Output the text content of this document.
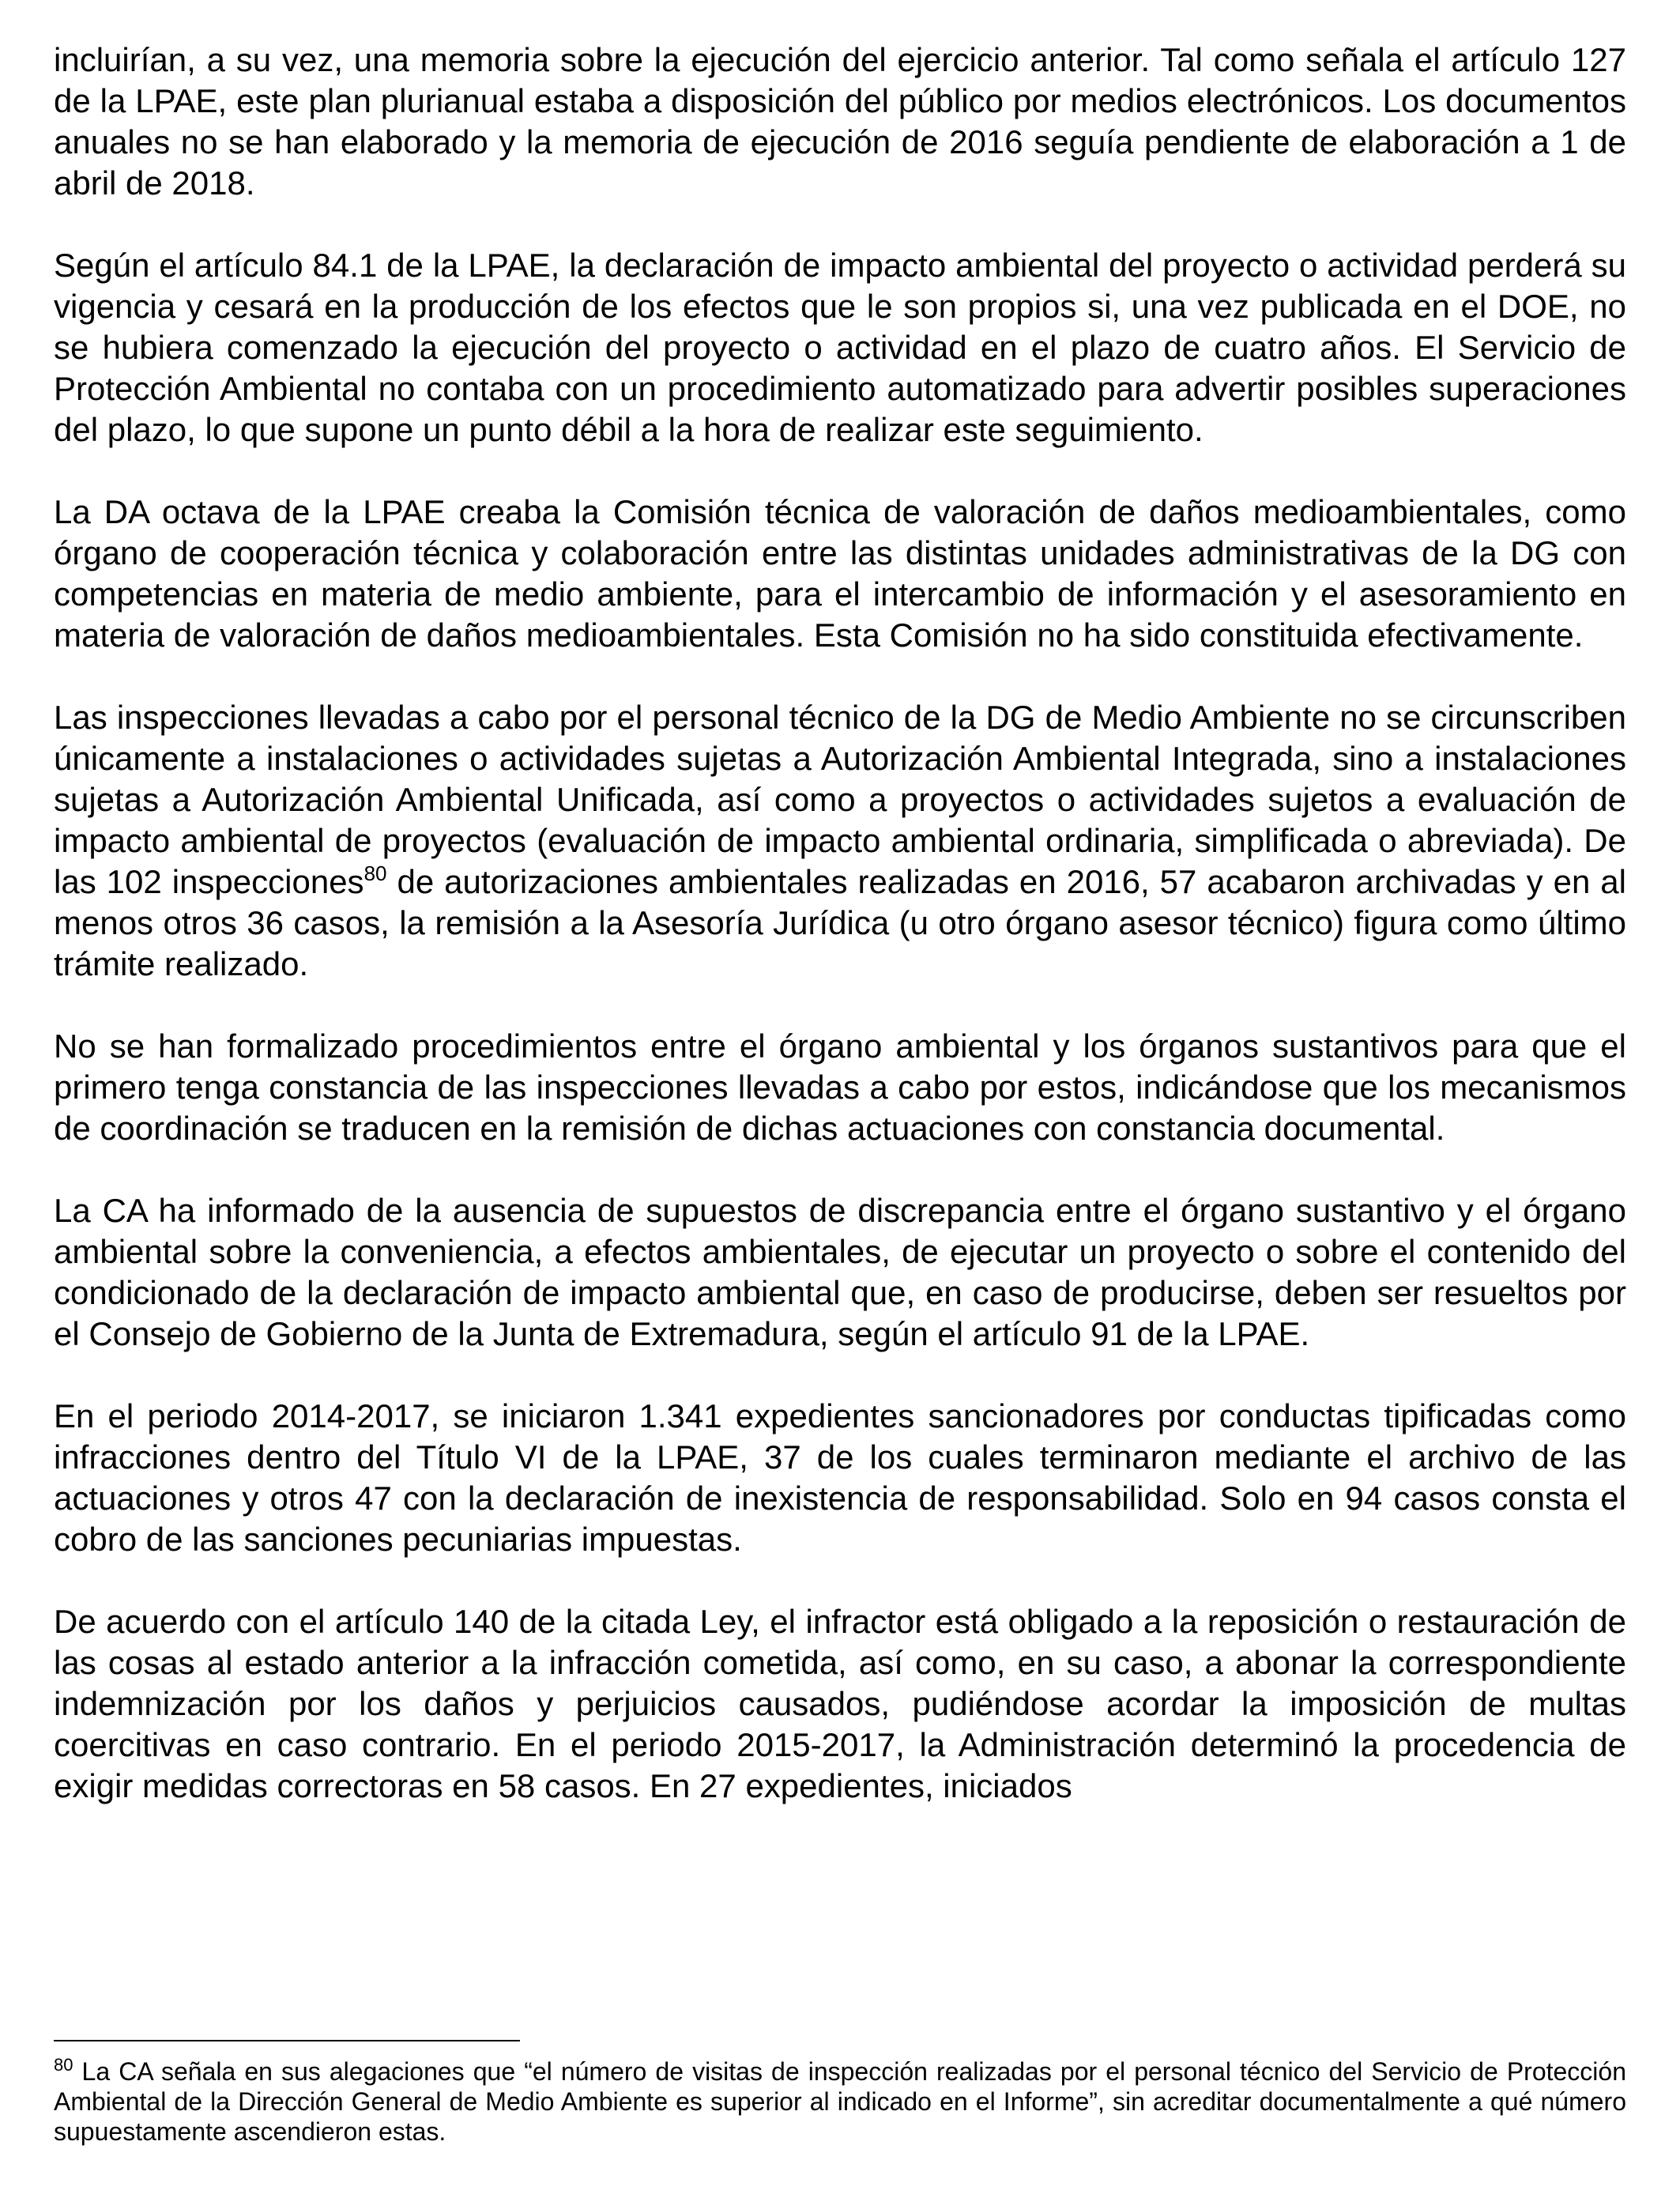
incluirían, a su vez, una memoria sobre la ejecución del ejercicio anterior. Tal como señala el artículo 127 de la LPAE, este plan plurianual estaba a disposición del público por medios electrónicos. Los documentos anuales no se han elaborado y la memoria de ejecución de 2016 seguía pendiente de elaboración a 1 de abril de 2018.

Según el artículo 84.1 de la LPAE, la declaración de impacto ambiental del proyecto o actividad perderá su vigencia y cesará en la producción de los efectos que le son propios si, una vez publicada en el DOE, no se hubiera comenzado la ejecución del proyecto o actividad en el plazo de cuatro años. El Servicio de Protección Ambiental no contaba con un procedimiento automatizado para advertir posibles superaciones del plazo, lo que supone un punto débil a la hora de realizar este seguimiento.

La DA octava de la LPAE creaba la Comisión técnica de valoración de daños medioambientales, como órgano de cooperación técnica y colaboración entre las distintas unidades administrativas de la DG con competencias en materia de medio ambiente, para el intercambio de información y el asesoramiento en materia de valoración de daños medioambientales. Esta Comisión no ha sido constituida efectivamente.

Las inspecciones llevadas a cabo por el personal técnico de la DG de Medio Ambiente no se circunscriben únicamente a instalaciones o actividades sujetas a Autorización Ambiental Integrada, sino a instalaciones sujetas a Autorización Ambiental Unificada, así como a proyectos o actividades sujetos a evaluación de impacto ambiental de proyectos (evaluación de impacto ambiental ordinaria, simplificada o abreviada). De las 102 inspecciones$^{80}$ de autorizaciones ambientales realizadas en 2016, 57 acabaron archivadas y en al menos otros 36 casos, la remisión a la Asesoría Jurídica (u otro órgano asesor técnico) figura como último trámite realizado.

No se han formalizado procedimientos entre el órgano ambiental y los órganos sustantivos para que el primero tenga constancia de las inspecciones llevadas a cabo por estos, indicándose que los mecanismos de coordinación se traducen en la remisión de dichas actuaciones con constancia documental.

La CA ha informado de la ausencia de supuestos de discrepancia entre el órgano sustantivo y el órgano ambiental sobre la conveniencia, a efectos ambientales, de ejecutar un proyecto o sobre el contenido del condicionado de la declaración de impacto ambiental que, en caso de producirse, deben ser resueltos por el Consejo de Gobierno de la Junta de Extremadura, según el artículo 91 de la LPAE.

En el periodo 2014-2017, se iniciaron 1.341 expedientes sancionadores por conductas tipificadas como infracciones dentro del Título VI de la LPAE, 37 de los cuales terminaron mediante el archivo de las actuaciones y otros 47 con la declaración de inexistencia de responsabilidad. Solo en 94 casos consta el cobro de las sanciones pecuniarias impuestas.

De acuerdo con el artículo 140 de la citada Ley, el infractor está obligado a la reposición o restauración de las cosas al estado anterior a la infracción cometida, así como, en su caso, a abonar la correspondiente indemnización por los daños y perjuicios causados, pudiéndose acordar la imposición de multas coercitivas en caso contrario. En el periodo 2015-2017, la Administración determinó la procedencia de exigir medidas correctoras en 58 casos. En 27 expedientes, iniciados

$^{80}$ La CA señala en sus alegaciones que “el número de visitas de inspección realizadas por el personal técnico del Servicio de Protección Ambiental de la Dirección General de Medio Ambiente es superior al indicado en el Informe”, sin acreditar documentalmente a qué número supuestamente ascendieron estas.
